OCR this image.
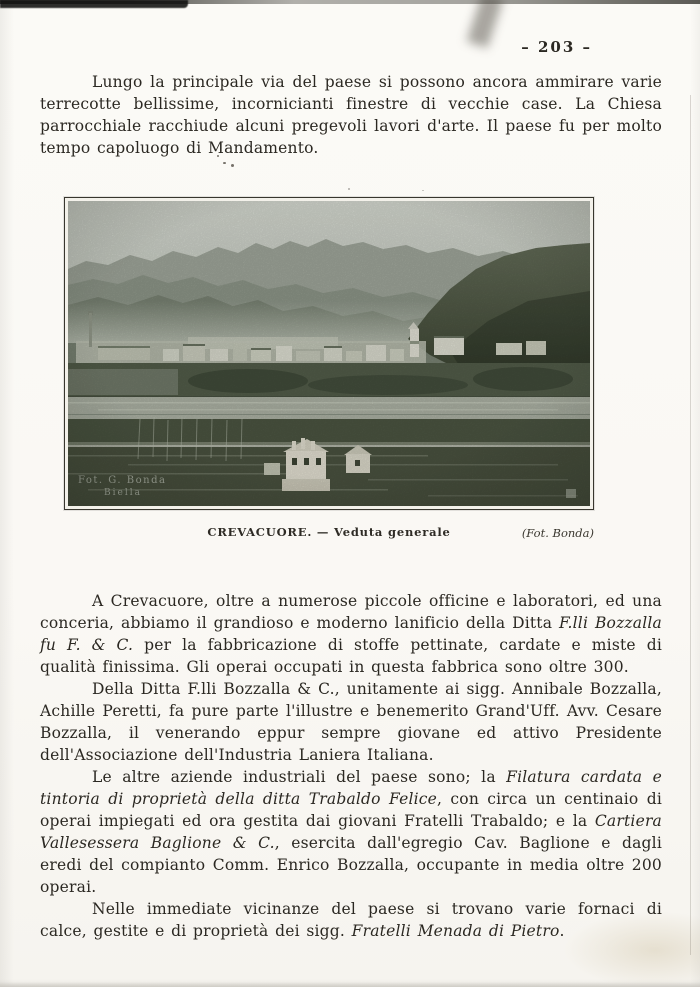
– 203 –

Lungo la principale via del paese si possono ancora ammirare varie terrecotte bellissime, incornicianti finestre di vecchie case. La Chiesa parrocchiale racchiude alcuni pregevoli lavori d'arte. Il paese fu per molto tempo capoluogo di Mandamento.

CREVACUORE. — Veduta generale	(Fot. Bonda)

A Crevacuore, oltre a numerose piccole officine e laboratori, ed una conceria, abbiamo il grandioso e moderno lanificio della Ditta F.lli Bozzalla fu F. & C. per la fabbricazione di stoffe pettinate, cardate e miste di qualità finissima. Gli operai occupati in questa fabbrica sono oltre 300.

Della Ditta F.lli Bozzalla & C., unitamente ai sigg. Annibale Bozzalla, Achille Peretti, fa pure parte l'illustre e benemerito Grand'Uff. Avv. Cesare Bozzalla, il venerando eppur sempre giovane ed attivo Presidente dell'Associazione dell'Industria Laniera Italiana.

Le altre aziende industriali del paese sono; la Filatura cardata e tintoria di proprietà della ditta Trabaldo Felice, con circa un centinaio di operai impiegati ed ora gestita dai giovani Fratelli Trabaldo; e la Cartiera Vallesessera Baglione & C., esercita dall'egregio Cav. Baglione e dagli eredi del compianto Comm. Enrico Bozzalla, occupante in media oltre 200 operai.

Nelle immediate vicinanze del paese si trovano varie fornaci di calce, gestite e di proprietà dei sigg. Fratelli Menada di Pietro.
